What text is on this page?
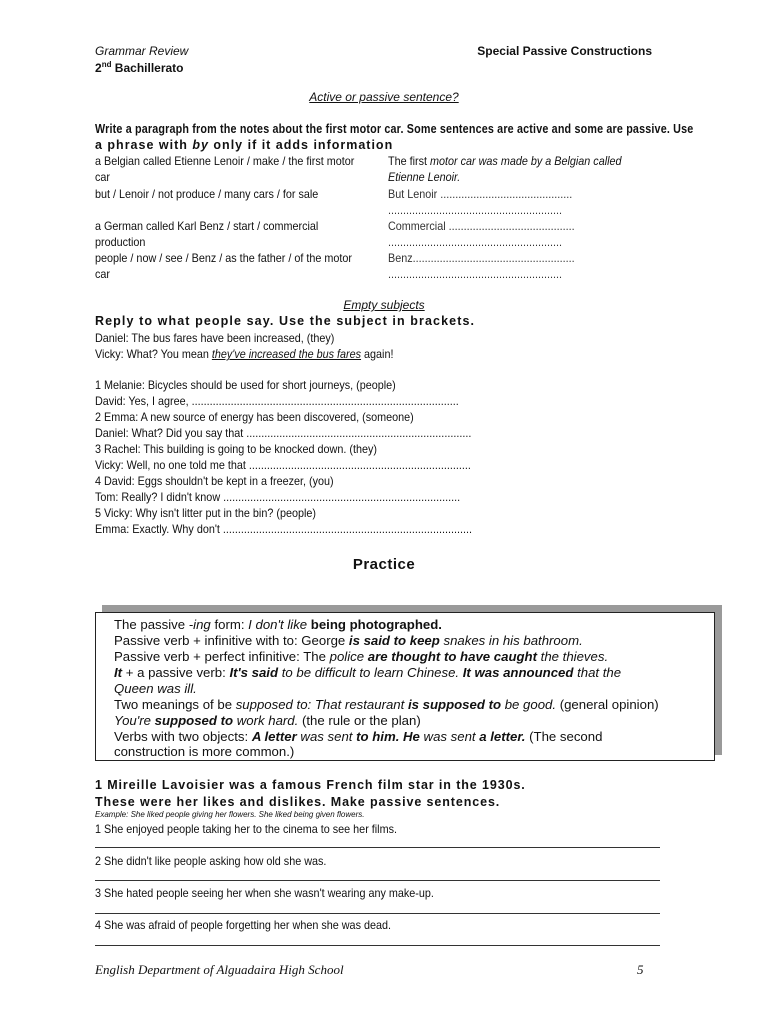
Grammar Review
2nd Bachillerato
Special Passive Constructions
Active or passive sentence?
Write a paragraph from the notes about the first motor car. Some sentences are active and some are passive. Use
a phrase with by only if it adds information
a Belgian called Etienne Lenoir / make / the first motor car
The first motor car was made by a Belgian called Etienne Lenoir.
but / Lenoir / not produce / many cars / for sale	But Lenoir ............................................
..........................................................
a German called Karl Benz / start / commercial production
Commercial ..........................................
..........................................................
people / now / see / Benz / as the father / of the motor car
Benz......................................................
..........................................................
Empty subjects
Reply to what people say. Use the subject in brackets.
Daniel: The bus fares have been increased, (they)
Vicky: What? You mean they've increased the bus fares again!
1 Melanie: Bicycles should be used for short journeys, (people)
David: Yes, I agree, .........................................................................................
2 Emma: A new source of energy has been discovered, (someone)
Daniel: What? Did you say that ...........................................................................
3 Rachel: This building is going to be knocked down. (they)
Vicky: Well, no one told me that ..........................................................................
4 David: Eggs shouldn't be kept in a freezer, (you)
Tom: Really? I didn't know ...............................................................................
5 Vicky: Why isn't litter put in the bin? (people)
Emma: Exactly. Why don't ...................................................................................
Practice
The passive -ing form: I don't like being photographed.
Passive verb + infinitive with to: George is said to keep snakes in his bathroom.
Passive verb + perfect infinitive: The police are thought to have caught the thieves.
It + a passive verb: It's said to be difficult to learn Chinese. It was announced that the
Queen was ill.
Two meanings of be supposed to: That restaurant is supposed to be good. (general opinion)
You're supposed to work hard. (the rule or the plan)
Verbs with two objects: A letter was sent to him. He was sent a letter. (The second
construction is more common.)
1 Mireille Lavoisier was a famous French film star in the 1930s.
These were her likes and dislikes. Make passive sentences.
Example: She liked people giving her flowers. She liked being given flowers.
1 She enjoyed people taking her to the cinema to see her films.
2 She didn't like people asking how old she was.
3 She hated people seeing her when she wasn't wearing any make-up.
4 She was afraid of people forgetting her when she was dead.
English Department of Alguadaira High School	5
